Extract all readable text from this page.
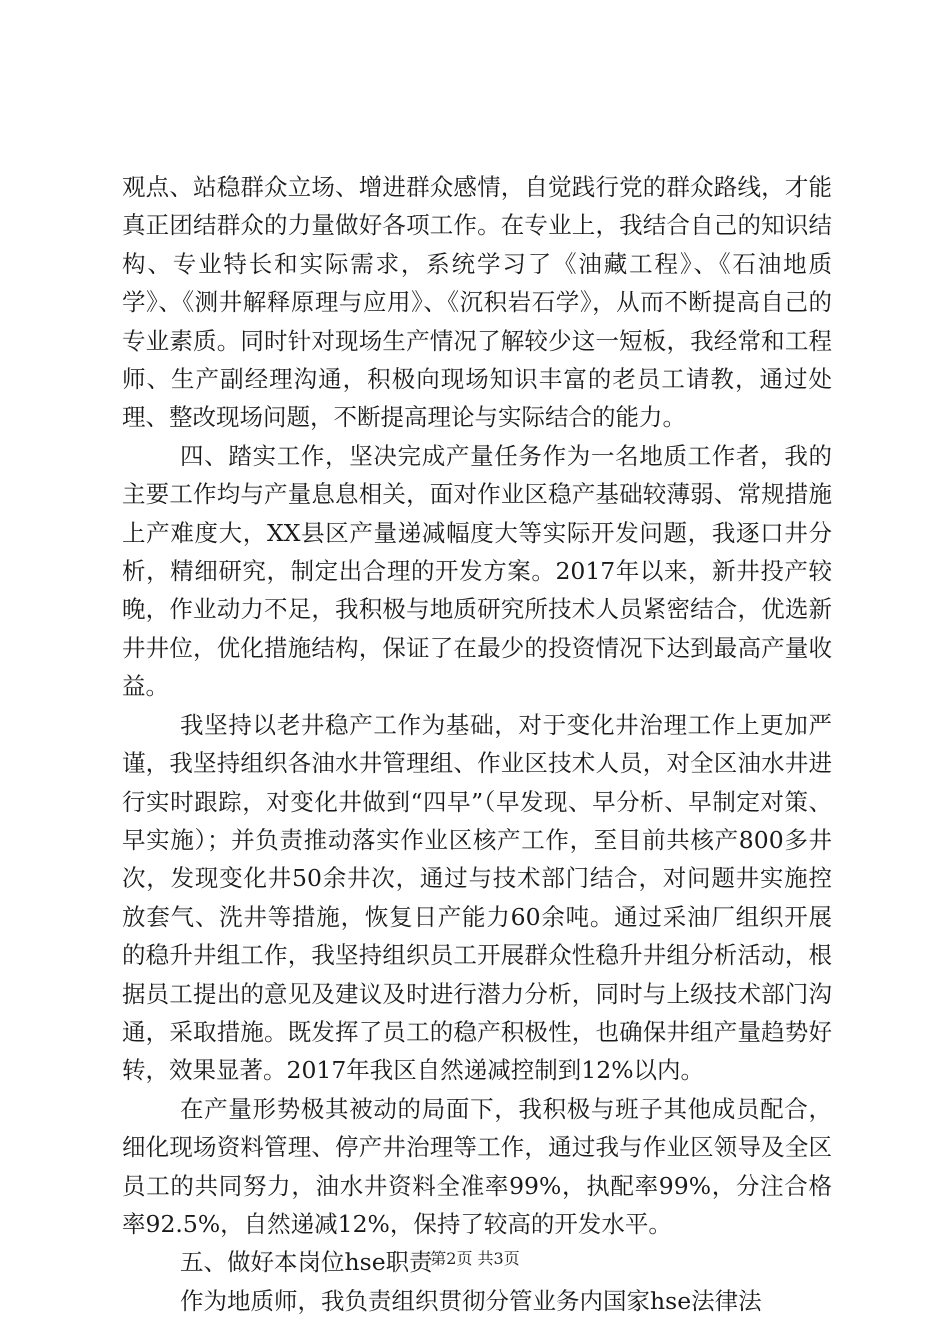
观点、站稳群众立场、增进群众感情，自觉践行党的群众路线，才能真正团结群众的力量做好各项工作。在专业上，我结合自己的知识结构、专业特长和实际需求，系统学习了《油藏工程》、《石油地质学》、《测井解释原理与应用》、《沉积岩石学》，从而不断提高自己的专业素质。同时针对现场生产情况了解较少这一短板，我经常和工程师、生产副经理沟通，积极向现场知识丰富的老员工请教，通过处理、整改现场问题，不断提高理论与实际结合的能力。

四、踏实工作，坚决完成产量任务作为一名地质工作者，我的主要工作均与产量息息相关，面对作业区稳产基础较薄弱、常规措施上产难度大，XX县区产量递减幅度大等实际开发问题，我逐口井分析，精细研究，制定出合理的开发方案。2017年以来，新井投产较晚，作业动力不足，我积极与地质研究所技术人员紧密结合，优选新井井位，优化措施结构，保证了在最少的投资情况下达到最高产量收益。

我坚持以老井稳产工作为基础，对于变化井治理工作上更加严谨，我坚持组织各油水井管理组、作业区技术人员，对全区油水井进行实时跟踪，对变化井做到“四早”（早发现、早分析、早制定对策、早实施）；并负责推动落实作业区核产工作，至目前共核产800多井次，发现变化井50余井次，通过与技术部门结合，对问题井实施控放套气、洗井等措施，恢复日产能力60余吨。通过采油厂组织开展的稳升井组工作，我坚持组织员工开展群众性稳升井组分析活动，根据员工提出的意见及建议及时进行潜力分析，同时与上级技术部门沟通，采取措施。既发挥了员工的稳产积极性，也确保井组产量趋势好转，效果显著。2017年我区自然递减控制到12%以内。

在产量形势极其被动的局面下，我积极与班子其他成员配合，细化现场资料管理、停产井治理等工作，通过我与作业区领导及全区员工的共同努力，油水井资料全准率99%，执配率99%，分注合格率92.5%，自然递减12%，保持了较高的开发水平。

五、做好本岗位hse职责

作为地质师，我负责组织贯彻分管业务内国家hse法律法

第2页 共3页
